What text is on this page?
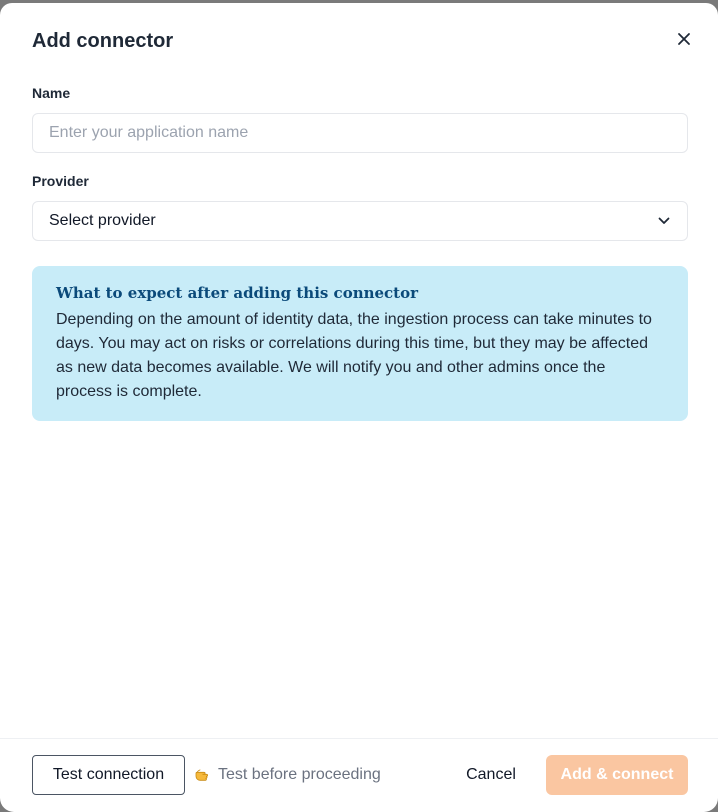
Add connector
Name
Enter your application name
Provider
Select provider

What to expect after adding this connector

Depending on the amount of identity data, the ingestion process can take minutes to days. You may act on risks or correlations during this time, but they may be affected as new data becomes available. We will notify you and other admins once the process is complete.

Test connection	Test before proceeding	Cancel	Add & connect
